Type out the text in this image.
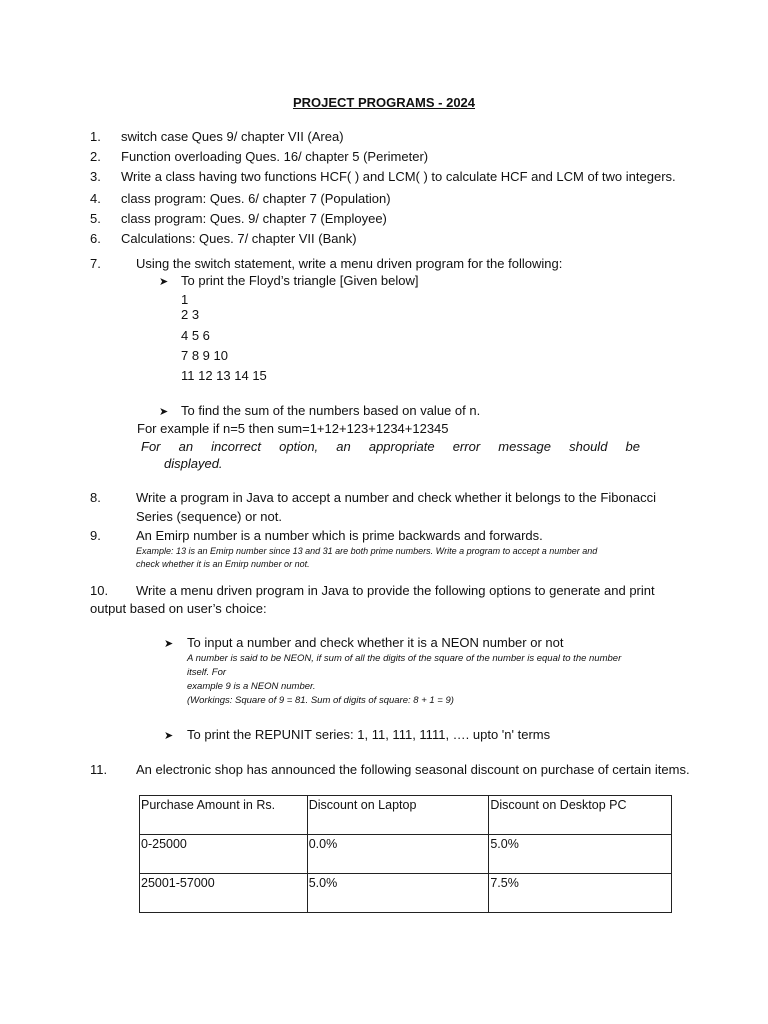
PROJECT PROGRAMS - 2024
1. switch case Ques 9/ chapter VII (Area)
2. Function overloading Ques. 16/ chapter 5 (Perimeter)
3. Write a class having two functions HCF( ) and LCM( ) to calculate HCF and LCM of two integers.
4. class program: Ques. 6/ chapter 7 (Population)
5. class program: Ques. 9/ chapter 7 (Employee)
6. Calculations: Ques. 7/ chapter VII (Bank)
7.	Using the switch statement, write a menu driven program for the following:
➤ To print the Floyd’s triangle [Given below]
1
2 3
4 5 6
7 8 9 10
11 12 13 14 15
➤ To find the sum of the numbers based on value of n.
For example if n=5 then sum=1+12+123+1234+12345
For an incorrect option, an appropriate error message should be
displayed.
8.	Write a program in Java to accept a number and check whether it belongs to the Fibonacci
Series (sequence) or not.
9.	An Emirp number is a number which is prime backwards and forwards.
Example: 13 is an Emirp number since 13 and 31 are both prime numbers. Write a program to accept a number and
check whether it is an Emirp number or not.
10. Write a menu driven program in Java to provide the following options to generate and print
output based on user’s choice:
➤ To input a number and check whether it is a NEON number or not
A number is said to be NEON, if sum of all the digits of the square of the number is equal to the number
itself. For
example 9 is a NEON number.
(Workings: Square of 9 = 81. Sum of digits of square: 8 + 1 = 9)
➤ To print the REPUNIT series: 1, 11, 111, 1111, …. upto 'n' terms
11. An electronic shop has announced the following seasonal discount on purchase of certain items.
Purchase Amount in Rs.	Discount on Laptop	Discount on Desktop PC
0-25000	0.0%	5.0%
25001-57000	5.0%	7.5%
